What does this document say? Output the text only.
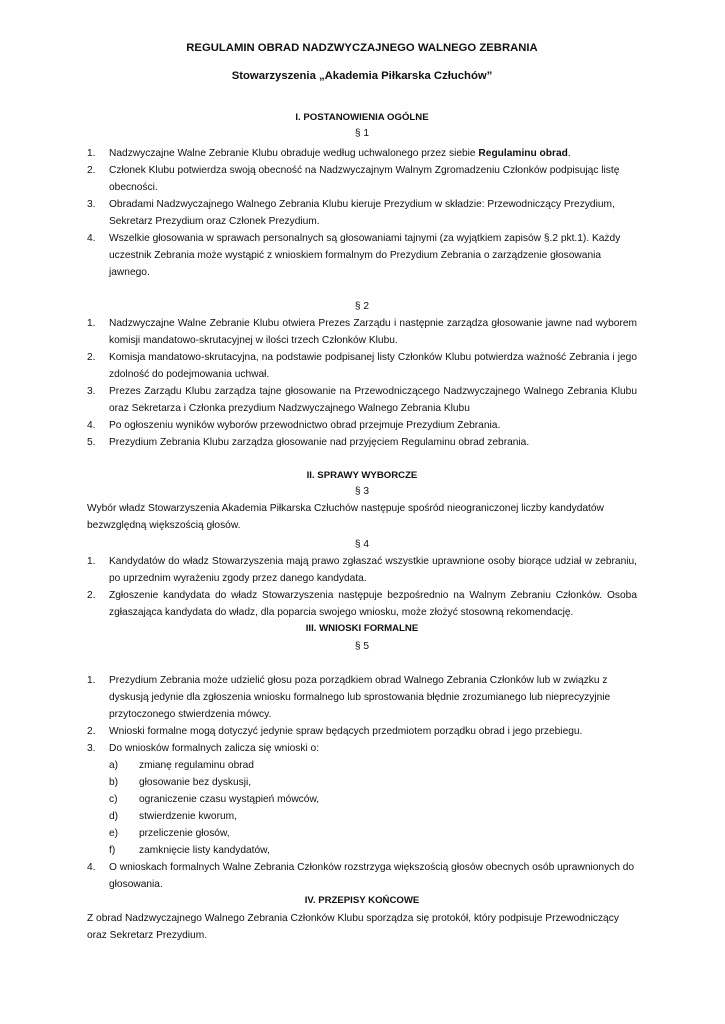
REGULAMIN OBRAD NADZWYCZAJNEGO WALNEGO ZEBRANIA

Stowarzyszenia „Akademia Piłkarska Człuchów”

I. POSTANOWIENIA OGÓLNE

§ 1

1. Nadzwyczajne Walne Zebranie Klubu obraduje według uchwalonego przez siebie Regulaminu obrad.
2. Członek Klubu potwierdza swoją obecność na Nadzwyczajnym Walnym Zgromadzeniu Członków podpisując listę obecności.
3. Obradami Nadzwyczajnego Walnego Zebrania Klubu kieruje Prezydium w składzie: Przewodniczący Prezydium, Sekretarz Prezydium oraz Członek Prezydium.
4. Wszelkie głosowania w sprawach personalnych są głosowaniami tajnymi (za wyjątkiem zapisów §.2 pkt.1). Każdy uczestnik Zebrania może wystąpić z wnioskiem formalnym do Prezydium Zebrania o zarządzenie głosowania jawnego.

§ 2

1. Nadzwyczajne Walne Zebranie Klubu otwiera Prezes Zarządu i następnie zarządza głosowanie jawne nad wyborem komisji mandatowo-skrutacyjnej w ilości trzech Członków Klubu.
2. Komisja mandatowo-skrutacyjna, na podstawie podpisanej listy Członków Klubu potwierdza ważność Zebrania i jego zdolność do podejmowania uchwał.
3. Prezes Zarządu Klubu zarządza tajne głosowanie na Przewodniczącego Nadzwyczajnego Walnego Zebrania Klubu oraz Sekretarza i Członka prezydium Nadzwyczajnego Walnego Zebrania Klubu
4. Po ogłoszeniu wyników wyborów przewodnictwo obrad przejmuje Prezydium Zebrania.
5. Prezydium Zebrania Klubu zarządza głosowanie nad przyjęciem Regulaminu obrad zebrania.

II. SPRAWY WYBORCZE

§ 3

Wybór władz Stowarzyszenia Akademia Piłkarska Człuchów następuje spośród nieograniczonej liczby kandydatów bezwzględną większością głosów.

§ 4

1. Kandydatów do władz Stowarzyszenia mają prawo zgłaszać wszystkie uprawnione osoby biorące udział w zebraniu, po uprzednim wyrażeniu zgody przez danego kandydata.
2. Zgłoszenie kandydata do władz Stowarzyszenia następuje bezpośrednio na Walnym Zebraniu Członków. Osoba zgłaszająca kandydata do władz, dla poparcia swojego wniosku, może złożyć stosowną rekomendację.

III. WNIOSKI FORMALNE

§ 5

1. Prezydium Zebrania może udzielić głosu poza porządkiem obrad Walnego Zebrania Członków lub w związku z dyskusją jedynie dla zgłoszenia wniosku formalnego lub sprostowania błędnie zrozumianego lub nieprecyzyjnie przytoczonego stwierdzenia mówcy.
2. Wnioski formalne mogą dotyczyć jedynie spraw będących przedmiotem porządku obrad i jego przebiegu.
3. Do wniosków formalnych zalicza się wnioski o:
a) zmianę regulaminu obrad
b) głosowanie bez dyskusji,
c) ograniczenie czasu wystąpień mówców,
d) stwierdzenie kworum,
e) przeliczenie głosów,
f) zamknięcie listy kandydatów,
4. O wnioskach formalnych Walne Zebrania Członków rozstrzyga większością głosów obecnych osób uprawnionych do głosowania.

IV. PRZEPISY KOŃCOWE

Z obrad Nadzwyczajnego Walnego Zebrania Członków Klubu sporządza się protokół, który podpisuje Przewodniczący oraz Sekretarz Prezydium.
